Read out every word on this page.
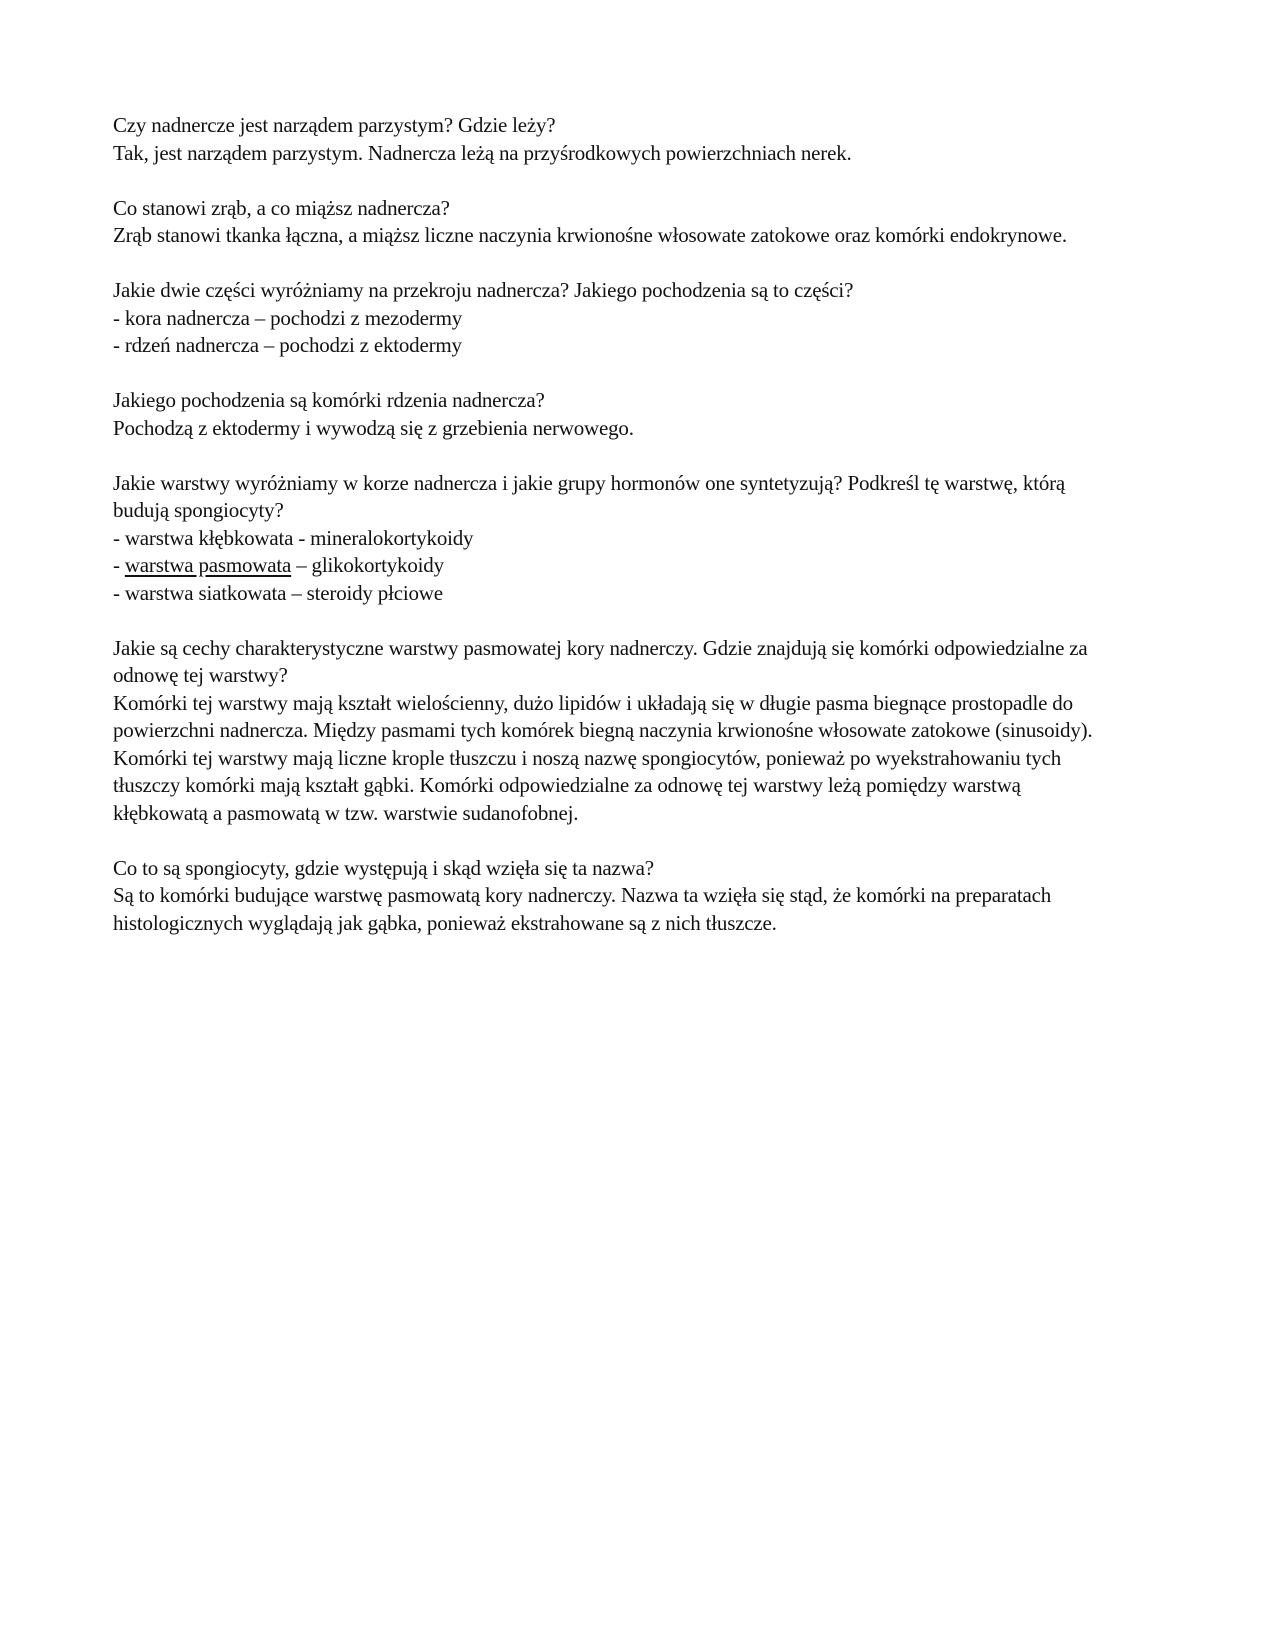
Czy nadnercze jest narządem parzystym? Gdzie leży?
Tak, jest narządem parzystym. Nadnercza leżą na przyśrodkowych powierzchniach nerek.
Co stanowi zrąb, a co miąższ nadnercza?
Zrąb stanowi tkanka łączna, a miąższ liczne naczynia krwionośne włosowate zatokowe oraz komórki endokrynowe.
Jakie dwie części wyróżniamy na przekroju nadnercza? Jakiego pochodzenia są to części?
- kora nadnercza – pochodzi z mezodermy
- rdzeń nadnercza – pochodzi z ektodermy
Jakiego pochodzenia są komórki rdzenia nadnercza?
Pochodzą z ektodermy i wywodzą się z grzebienia nerwowego.
Jakie warstwy wyróżniamy w korze nadnercza i jakie grupy hormonów one syntetyzują? Podkreśl tę warstwę, którą budują spongiocyty?
- warstwa kłębkowata - mineralokortykoidy
- warstwa pasmowata – glikokortykoidy
- warstwa siatkowata – steroidy płciowe
Jakie są cechy charakterystyczne warstwy pasmowatej kory nadnerczy. Gdzie znajdują się komórki odpowiedzialne za odnowę tej warstwy?
Komórki tej warstwy mają kształt wielościenny, dużo lipidów i układają się w długie pasma biegnące prostopadle do powierzchni nadnercza. Między pasmami tych komórek biegną naczynia krwionośne włosowate zatokowe (sinusoidy). Komórki tej warstwy mają liczne krople tłuszczu i noszą nazwę spongiocytów, ponieważ po wyekstrahowaniu tych tłuszczy komórki mają kształt gąbki. Komórki odpowiedzialne za odnowę tej warstwy leżą pomiędzy warstwą kłębkowatą a pasmowatą w tzw. warstwie sudanofobnej.
Co to są spongiocyty, gdzie występują i skąd wzięła się ta nazwa?
Są to komórki budujące warstwę pasmowatą kory nadnerczy. Nazwa ta wzięła się stąd, że komórki na preparatach histologicznych wyglądają jak gąbka, ponieważ ekstrahowane są z nich tłuszcze.
